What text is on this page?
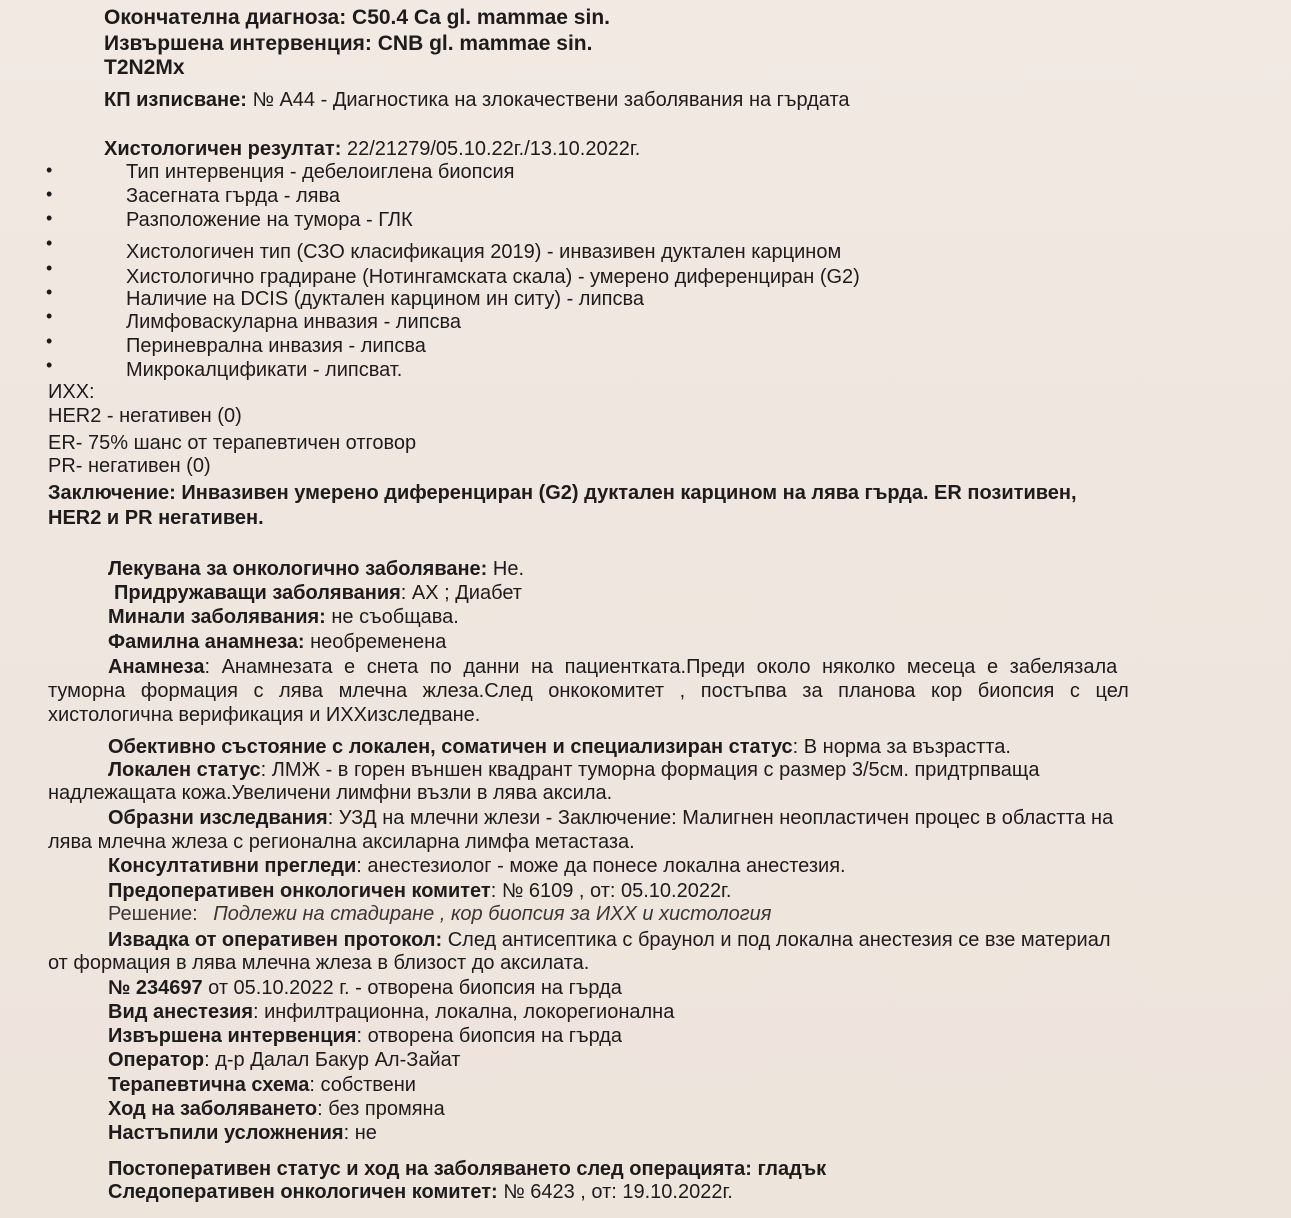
Окончателна диагноза: C50.4 Ca gl. mammae sin.
Извършена интервенция: CNB gl. mammae sin.
T2N2Mx
КП изписване: № А44 - Диагностика на злокачествени заболявания на гърдата
Хистологичен резултат: 22/21279/05.10.22г./13.10.2022г.
•	Тип интервенция - дебелоиглена биопсия
•	Засегната гърда - лява
•	Разположение на тумора - ГЛК
•	Хистологичен тип (СЗО класификация 2019) - инвазивен дуктален карцином
•	Хистологично градиране (Нотингамската скала) - умерено диференциран (G2)
•	Наличие на DCIS (дуктален карцином ин ситу) - липсва
•	Лимфоваскуларна инвазия - липсва
•	Периневрална инвазия - липсва
•	Микрокалцификати - липсват.
ИХХ:
HER2 - негативен (0)
ER- 75% шанс от терапевтичен отговор
PR- негативен (0)
Заключение: Инвазивен умерено диференциран (G2) дуктален карцином на лява гърда. ER позитивен,
HER2 и PR негативен.
Лекувана за онкологично заболяване: Не.
Придружаващи заболявания: АХ ; Диабет
Минали заболявания: не съобщава.
Фамилна анамнеза: необременена
Анамнеза: Анамнезата е снета по данни на пациентката.Преди около няколко месеца е забелязала
туморна формация с лява млечна жлеза.След онкокомитет , постъпва за планова кор биопсия с цел
хистологична верификация и ИХХизследване.
Обективно състояние с локален, соматичен и специализиран статус: В норма за възрастта.
Локален статус: ЛМЖ - в горен външен квадрант туморна формация с размер 3/5см. придтрпваща
надлежащата кожа.Увеличени лимфни възли в лява аксила.
Образни изследвания: УЗД на млечни жлези - Заключение: Малигнен неопластичен процес в областта на
лява млечна жлеза с регионална аксиларна лимфа метастаза.
Консултативни прегледи: анестезиолог - може да понесе локална анестезия.
Предоперативен онкологичен комитет: № 6109 , от: 05.10.2022г.
Решение: Подлежи на стадиране , кор биопсия за ИХХ и хистология
Извадка от оперативен протокол: След антисептика с браунол и под локална анестезия се взе материал
от формация в лява млечна жлеза в близост до аксилата.
№ 234697 от 05.10.2022 г. - отворена биопсия на гърда
Вид анестезия: инфилтрационна, локална, локорегионална
Извършена интервенция: отворена биопсия на гърда
Оператор: д-р Далал Бакур Ал-Зайат
Терапевтична схема: собствени
Ход на заболяването: без промяна
Настъпили усложнения: не
Постоперативен статус и ход на заболяването след операцията: гладък
Следоперативен онкологичен комитет: № 6423 , от: 19.10.2022г.
